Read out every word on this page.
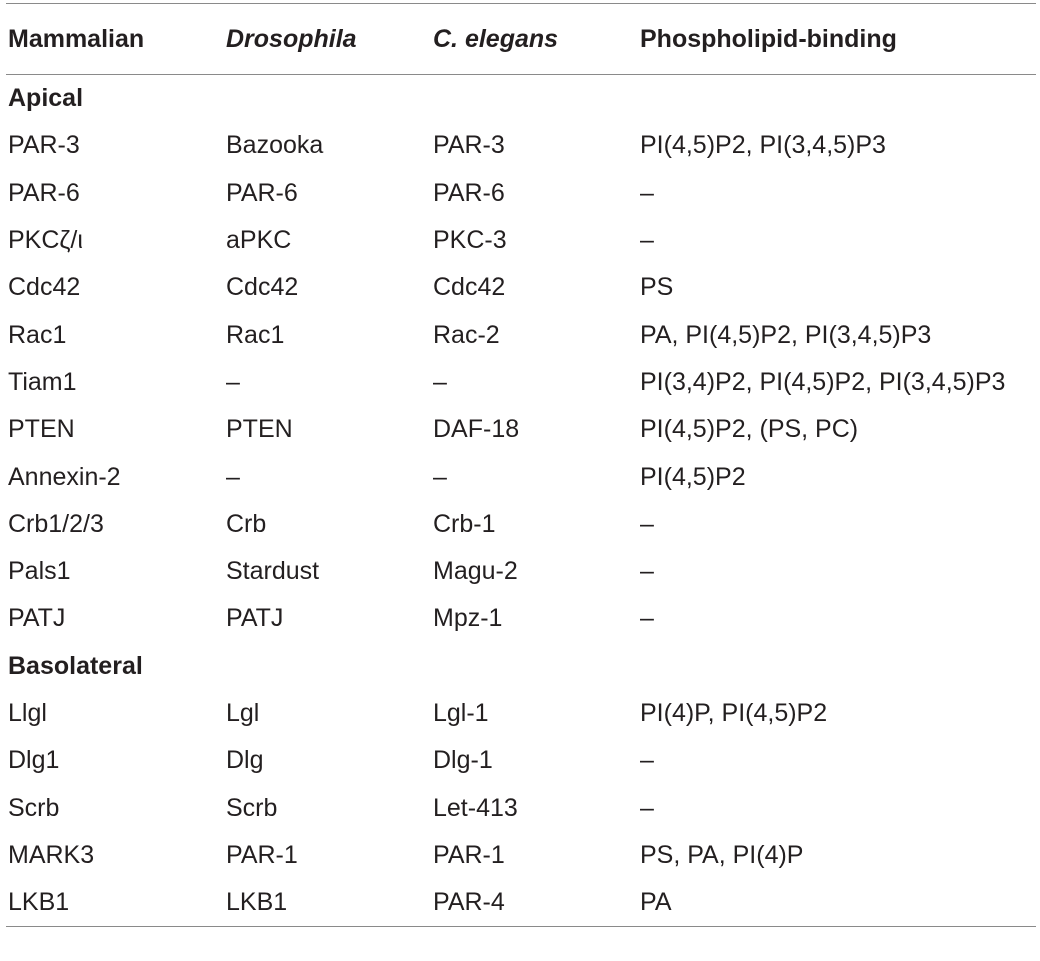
Mammalian	Drosophila	C. elegans	Phospholipid-binding
Apical
PAR-3	Bazooka	PAR-3	PI(4,5)P2, PI(3,4,5)P3
PAR-6	PAR-6	PAR-6	–
PKCζ/ι	aPKC	PKC-3	–
Cdc42	Cdc42	Cdc42	PS
Rac1	Rac1	Rac-2	PA, PI(4,5)P2, PI(3,4,5)P3
Tiam1	–	–	PI(3,4)P2, PI(4,5)P2, PI(3,4,5)P3
PTEN	PTEN	DAF-18	PI(4,5)P2, (PS, PC)
Annexin-2	–	–	PI(4,5)P2
Crb1/2/3	Crb	Crb-1	–
Pals1	Stardust	Magu-2	–
PATJ	PATJ	Mpz-1	–
Basolateral
Llgl	Lgl	Lgl-1	PI(4)P, PI(4,5)P2
Dlg1	Dlg	Dlg-1	–
Scrb	Scrb	Let-413	–
MARK3	PAR-1	PAR-1	PS, PA, PI(4)P
LKB1	LKB1	PAR-4	PA
